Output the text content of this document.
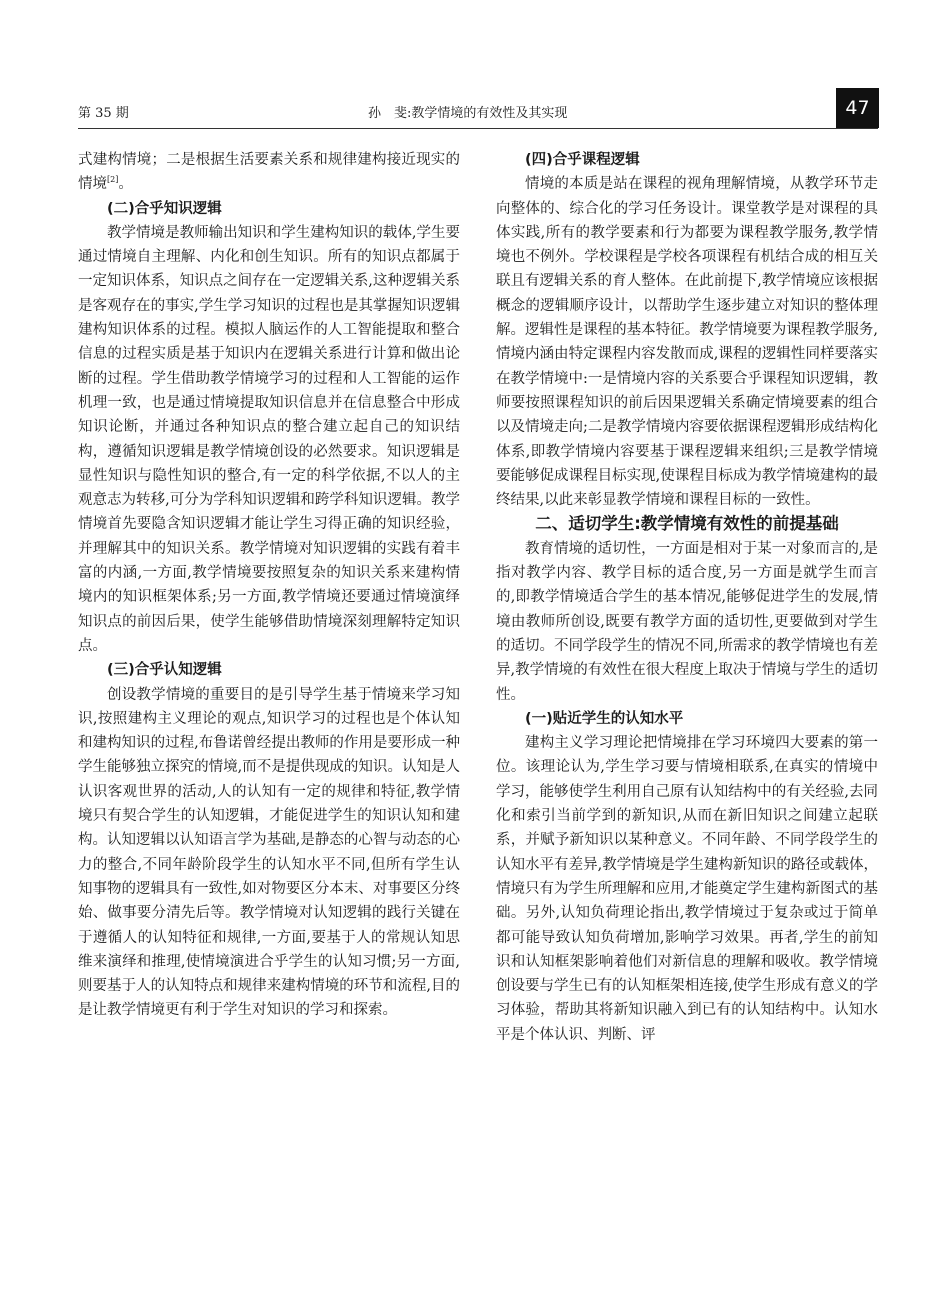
第 35 期	孙　斐:教学情境的有效性及其实现	47

式建构情境；二是根据生活要素关系和规律建构接近现实的情境[2]。

(二)合乎知识逻辑

教学情境是教师输出知识和学生建构知识的载体,学生要通过情境自主理解、内化和创生知识。所有的知识点都属于一定知识体系，知识点之间存在一定逻辑关系,这种逻辑关系是客观存在的事实,学生学习知识的过程也是其掌握知识逻辑建构知识体系的过程。模拟人脑运作的人工智能提取和整合信息的过程实质是基于知识内在逻辑关系进行计算和做出论断的过程。学生借助教学情境学习的过程和人工智能的运作机理一致，也是通过情境提取知识信息并在信息整合中形成知识论断，并通过各种知识点的整合建立起自己的知识结构，遵循知识逻辑是教学情境创设的必然要求。知识逻辑是显性知识与隐性知识的整合,有一定的科学依据,不以人的主观意志为转移,可分为学科知识逻辑和跨学科知识逻辑。教学情境首先要隐含知识逻辑才能让学生习得正确的知识经验，并理解其中的知识关系。教学情境对知识逻辑的实践有着丰富的内涵,一方面,教学情境要按照复杂的知识关系来建构情境内的知识框架体系;另一方面,教学情境还要通过情境演绎知识点的前因后果，使学生能够借助情境深刻理解特定知识点。

(三)合乎认知逻辑

创设教学情境的重要目的是引导学生基于情境来学习知识,按照建构主义理论的观点,知识学习的过程也是个体认知和建构知识的过程,布鲁诺曾经提出教师的作用是要形成一种学生能够独立探究的情境,而不是提供现成的知识。认知是人认识客观世界的活动,人的认知有一定的规律和特征,教学情境只有契合学生的认知逻辑，才能促进学生的知识认知和建构。认知逻辑以认知语言学为基础,是静态的心智与动态的心力的整合,不同年龄阶段学生的认知水平不同,但所有学生认知事物的逻辑具有一致性,如对物要区分本末、对事要区分终始、做事要分清先后等。教学情境对认知逻辑的践行关键在于遵循人的认知特征和规律,一方面,要基于人的常规认知思维来演绎和推理,使情境演进合乎学生的认知习惯;另一方面,则要基于人的认知特点和规律来建构情境的环节和流程,目的是让教学情境更有利于学生对知识的学习和探索。

(四)合乎课程逻辑

情境的本质是站在课程的视角理解情境，从教学环节走向整体的、综合化的学习任务设计。课堂教学是对课程的具体实践,所有的教学要素和行为都要为课程教学服务,教学情境也不例外。学校课程是学校各项课程有机结合成的相互关联且有逻辑关系的育人整体。在此前提下,教学情境应该根据概念的逻辑顺序设计，以帮助学生逐步建立对知识的整体理解。逻辑性是课程的基本特征。教学情境要为课程教学服务,情境内涵由特定课程内容发散而成,课程的逻辑性同样要落实在教学情境中:一是情境内容的关系要合乎课程知识逻辑，教师要按照课程知识的前后因果逻辑关系确定情境要素的组合以及情境走向;二是教学情境内容要依据课程逻辑形成结构化体系,即教学情境内容要基于课程逻辑来组织;三是教学情境要能够促成课程目标实现,使课程目标成为教学情境建构的最终结果,以此来彰显教学情境和课程目标的一致性。

二、适切学生:教学情境有效性的前提基础

教育情境的适切性，一方面是相对于某一对象而言的,是指对教学内容、教学目标的适合度,另一方面是就学生而言的,即教学情境适合学生的基本情况,能够促进学生的发展,情境由教师所创设,既要有教学方面的适切性,更要做到对学生的适切。不同学段学生的情况不同,所需求的教学情境也有差异,教学情境的有效性在很大程度上取决于情境与学生的适切性。

(一)贴近学生的认知水平

建构主义学习理论把情境排在学习环境四大要素的第一位。该理论认为,学生学习要与情境相联系,在真实的情境中学习，能够使学生利用自己原有认知结构中的有关经验,去同化和索引当前学到的新知识,从而在新旧知识之间建立起联系，并赋予新知识以某种意义。不同年龄、不同学段学生的认知水平有差异,教学情境是学生建构新知识的路径或载体，情境只有为学生所理解和应用,才能奠定学生建构新图式的基础。另外,认知负荷理论指出,教学情境过于复杂或过于简单都可能导致认知负荷增加,影响学习效果。再者,学生的前知识和认知框架影响着他们对新信息的理解和吸收。教学情境创设要与学生已有的认知框架相连接,使学生形成有意义的学习体验，帮助其将新知识融入到已有的认知结构中。认知水平是个体认识、判断、评
